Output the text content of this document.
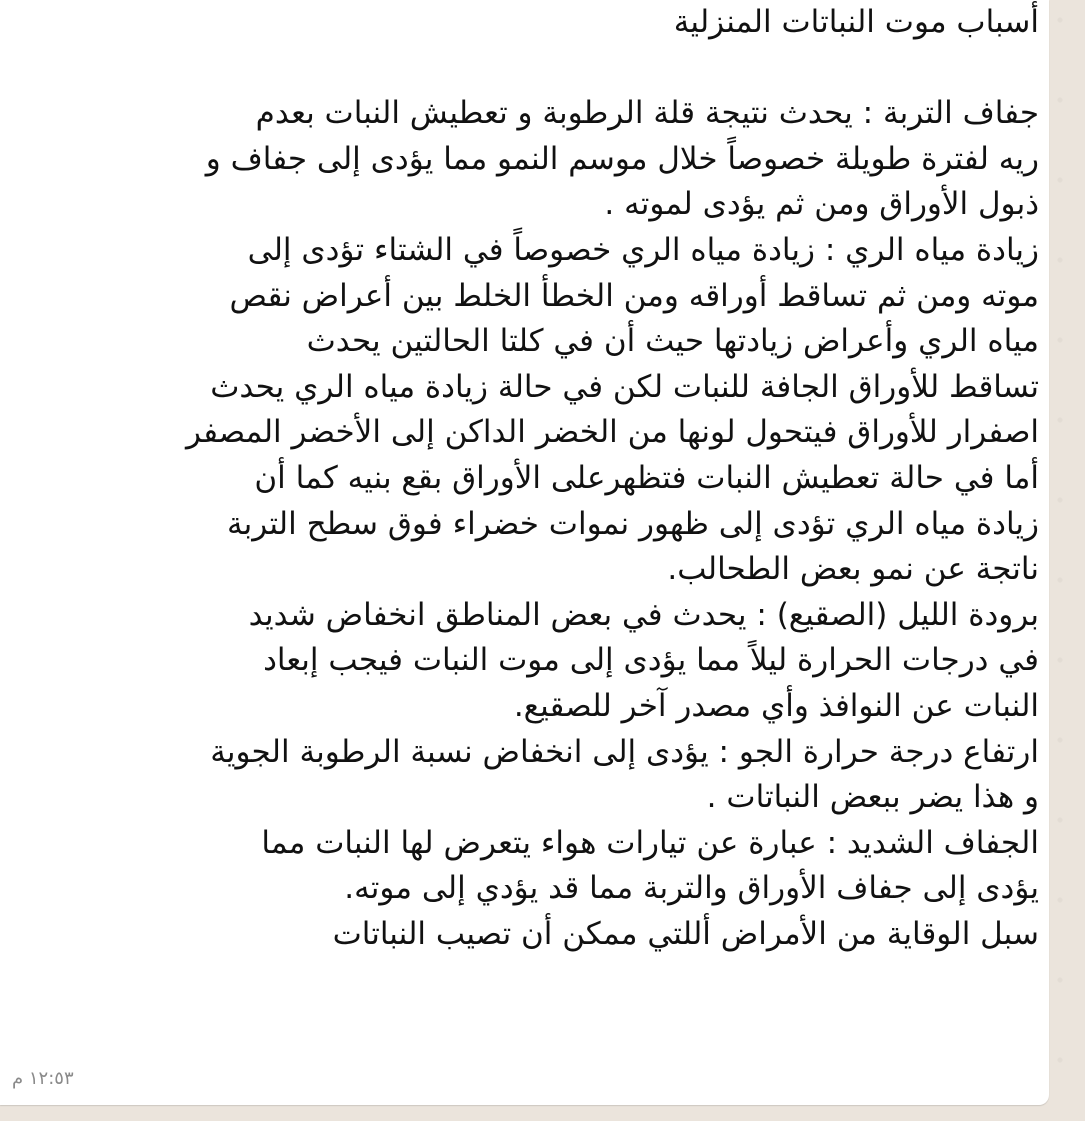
أسباب موت النباتات المنزلية
جفاف التربة : يحدث نتيجة قلة الرطوبة و تعطيش النبات بعدم
ريه لفترة طويلة خصوصاً خلال موسم النمو مما يؤدى إلى جفاف و
ذبول الأوراق ومن ثم يؤدى لموته .
زيادة مياه الري : زيادة مياه الري خصوصاً في الشتاء تؤدى إلى
موته ومن ثم تساقط أوراقه ومن الخطأ الخلط بين أعراض نقص
مياه الري وأعراض زيادتها حيث أن في كلتا الحالتين يحدث
تساقط للأوراق الجافة للنبات لكن في حالة زيادة مياه الري يحدث
اصفرار للأوراق فيتحول لونها من الخضر الداكن إلى الأخضر المصفر
أما في حالة تعطيش النبات فتظهرعلى الأوراق بقع بنيه كما أن
زيادة مياه الري تؤدى إلى ظهور نموات خضراء فوق سطح التربة
ناتجة عن نمو بعض الطحالب.
برودة الليل (الصقيع) : يحدث في بعض المناطق انخفاض شديد
في درجات الحرارة ليلاً مما يؤدى إلى موت النبات فيجب إبعاد
النبات عن النوافذ وأي مصدر آخر للصقيع.
ارتفاع درجة حرارة الجو : يؤدى إلى انخفاض نسبة الرطوبة الجوية
و هذا يضر ببعض النباتات .
الجفاف الشديد : عبارة عن تيارات هواء يتعرض لها النبات مما
يؤدى إلى جفاف الأوراق والتربة مما قد يؤدي إلى موته.
سبل الوقاية من الأمراض أللتي ممكن أن تصيب النباتات
١٢:٥٣ م
